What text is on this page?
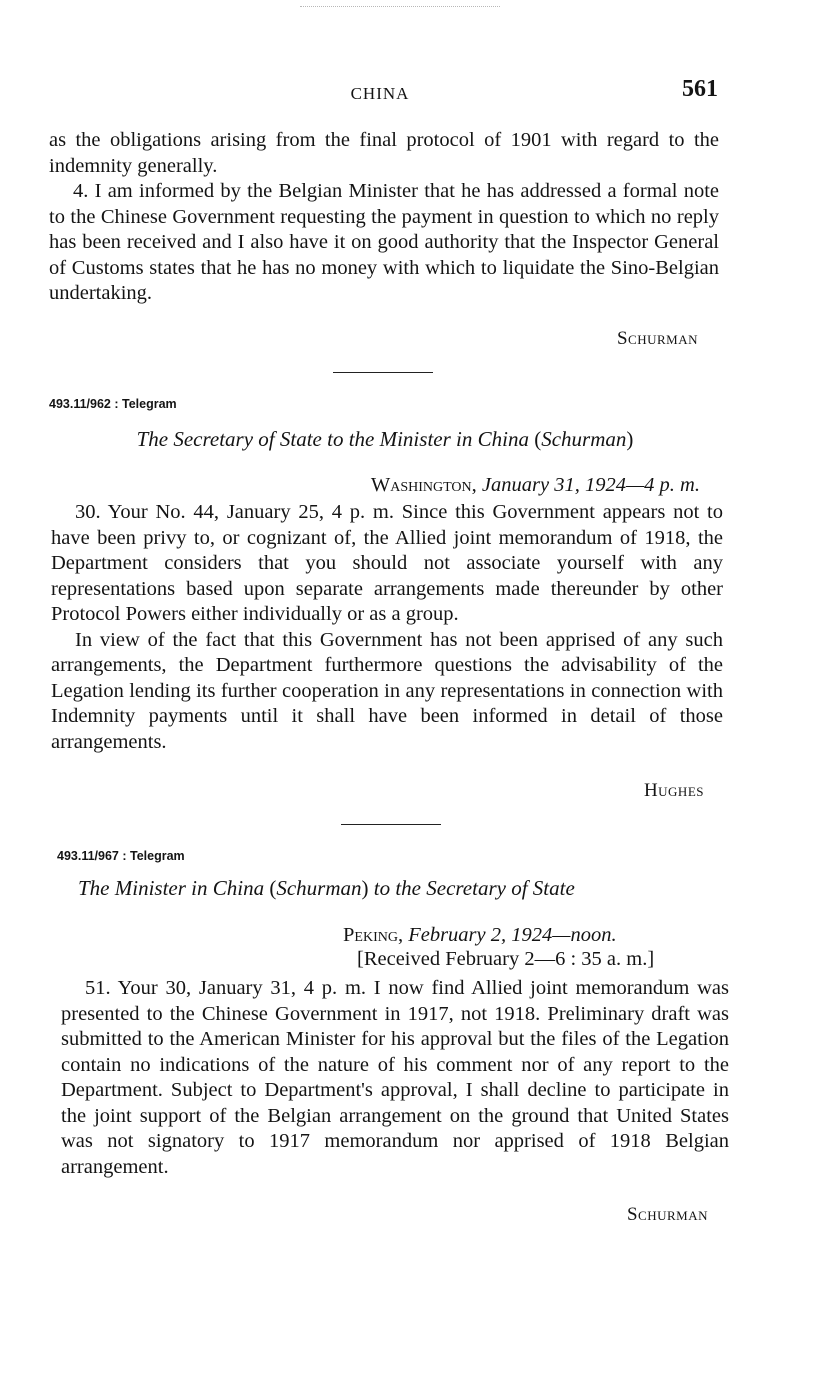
CHINA	561

as the obligations arising from the final protocol of 1901 with regard to the indemnity generally.

4. I am informed by the Belgian Minister that he has addressed a formal note to the Chinese Government requesting the payment in question to which no reply has been received and I also have it on good authority that the Inspector General of Customs states that he has no money with which to liquidate the Sino-Belgian undertaking.

Schurman
493.11/962 : Telegram
The Secretary of State to the Minister in China (Schurman)
Washington, January 31, 1924—4 p. m.

30. Your No. 44, January 25, 4 p. m. Since this Government appears not to have been privy to, or cognizant of, the Allied joint memorandum of 1918, the Department considers that you should not associate yourself with any representations based upon separate arrangements made thereunder by other Protocol Powers either individually or as a group.

In view of the fact that this Government has not been apprised of any such arrangements, the Department furthermore questions the advisability of the Legation lending its further cooperation in any representations in connection with Indemnity payments until it shall have been informed in detail of those arrangements.

Hughes
493.11/967 : Telegram
The Minister in China (Schurman) to the Secretary of State
Peking, February 2, 1924—noon.
[Received February 2—6 : 35 a. m.]

51. Your 30, January 31, 4 p. m. I now find Allied joint memorandum was presented to the Chinese Government in 1917, not 1918. Preliminary draft was submitted to the American Minister for his approval but the files of the Legation contain no indications of the nature of his comment nor of any report to the Department. Subject to Department's approval, I shall decline to participate in the joint support of the Belgian arrangement on the ground that United States was not signatory to 1917 memorandum nor apprised of 1918 Belgian arrangement.

Schurman
